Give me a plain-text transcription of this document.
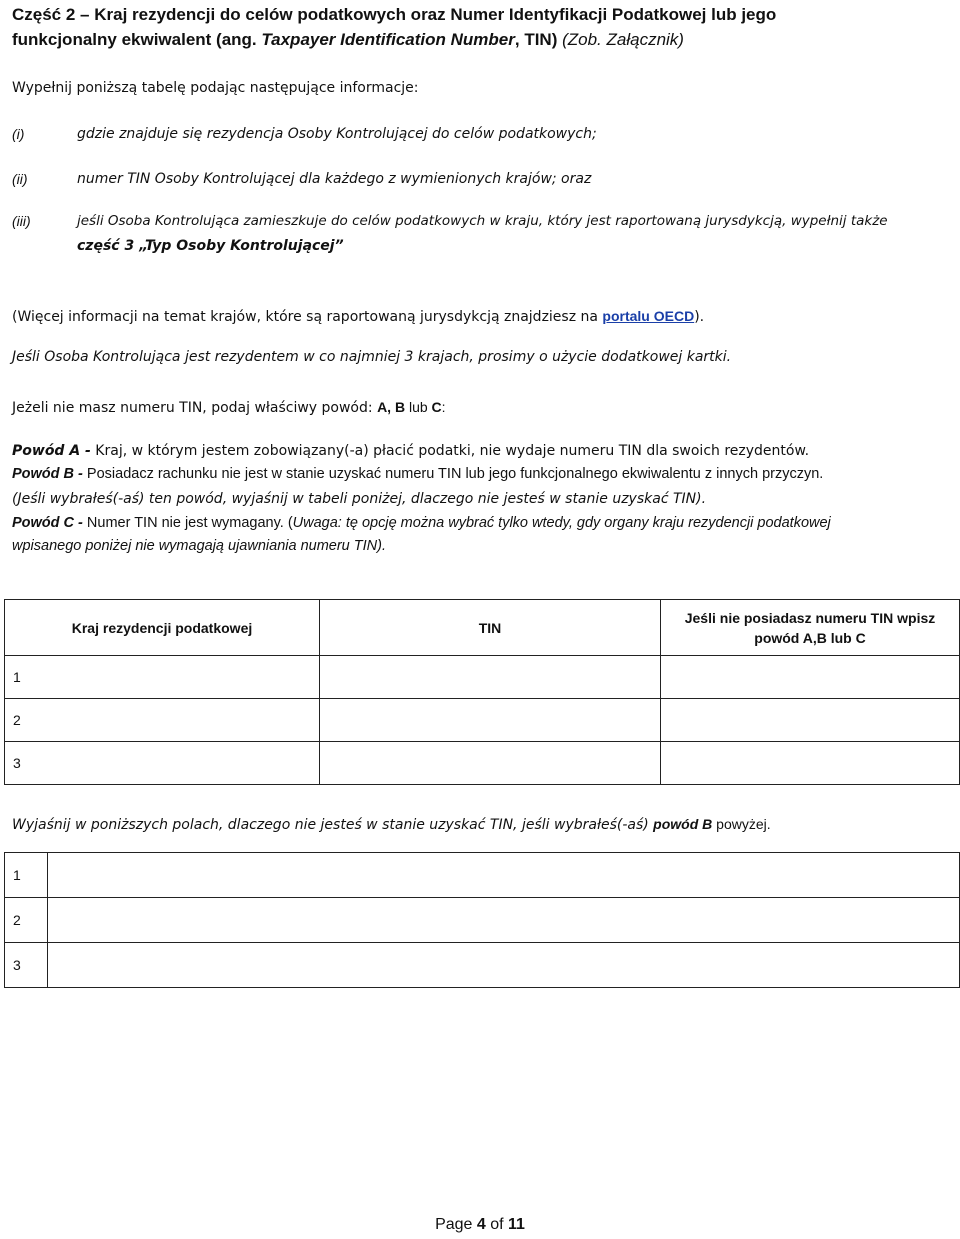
Część 2 – Kraj rezydencji do celów podatkowych oraz Numer Identyfikacji Podatkowej lub jego
funkcjonalny ekwiwalent (ang. Taxpayer Identification Number, TIN) (Zob. Załącznik)
Wypełnij poniższą tabelę podając następujące informacje:
(i)	gdzie znajduje się rezydencja Osoby Kontrolującej do celów podatkowych;
(ii)	numer TIN Osoby Kontrolującej dla każdego z wymienionych krajów; oraz
(iii)	jeśli Osoba Kontrolująca zamieszkuje do celów podatkowych w kraju, który jest raportowaną jurysdykcją, wypełnij także
część 3 „Typ Osoby Kontrolującej”
(Więcej informacji na temat krajów, które są raportowaną jurysdykcją znajdziesz na portalu OECD).
Jeśli Osoba Kontrolująca jest rezydentem w co najmniej 3 krajach, prosimy o użycie dodatkowej kartki.
Jeżeli nie masz numeru TIN, podaj właściwy powód: A, B lub C:
Powód A - Kraj, w którym jestem zobowiązany(-a) płacić podatki, nie wydaje numeru TIN dla swoich rezydentów.
Powód B - Posiadacz rachunku nie jest w stanie uzyskać numeru TIN lub jego funkcjonalnego ekwiwalentu z innych przyczyn.
(Jeśli wybrałeś(-aś) ten powód, wyjaśnij w tabeli poniżej, dlaczego nie jesteś w stanie uzyskać TIN).
Powód C - Numer TIN nie jest wymagany. (Uwaga: tę opcję można wybrać tylko wtedy, gdy organy kraju rezydencji podatkowej
wpisanego poniżej nie wymagają ujawniania numeru TIN).
Kraj rezydencji podatkowej	TIN	Jeśli nie posiadasz numeru TIN wpisz
powód A,B lub C

1		
2		
3		
Wyjaśnij w poniższych polach, dlaczego nie jesteś w stanie uzyskać TIN, jeśli wybrałeś(-aś) powód B powyżej.
1	
2	
3	
Page 4 of 11
